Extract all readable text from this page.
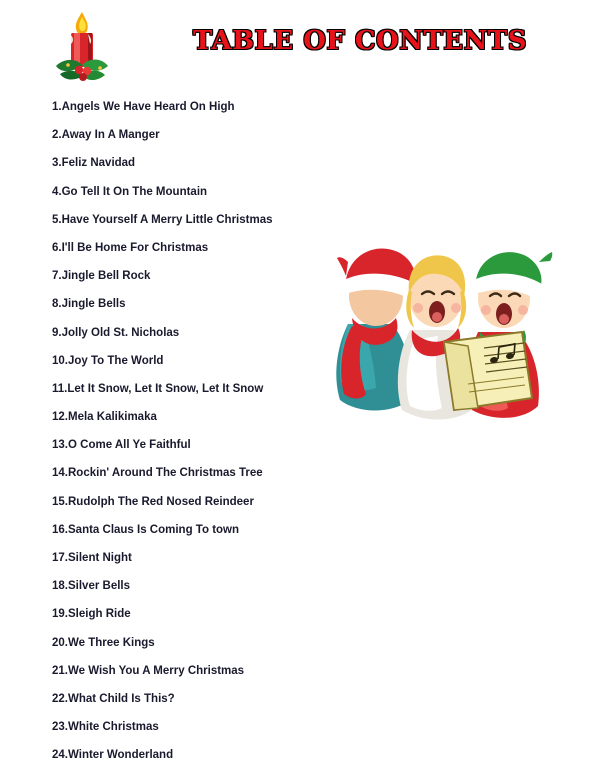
TABLE OF CONTENTS
1.Angels We Have Heard On High
2.Away In A Manger
3.Feliz Navidad
4.Go Tell It On The Mountain
5.Have Yourself A Merry Little Christmas
6.I'll Be Home For Christmas
7.Jingle Bell Rock
8.Jingle Bells
9.Jolly Old St. Nicholas
10.Joy To The World
11.Let It Snow, Let It Snow, Let It Snow
12.Mela Kalikimaka
13.O Come All Ye Faithful
14.Rockin' Around The Christmas Tree
15.Rudolph The Red Nosed Reindeer
16.Santa Claus Is Coming To town
17.Silent Night
18.Silver Bells
19.Sleigh Ride
20.We Three Kings
21.We Wish You A Merry Christmas
22.What Child Is This?
23.White Christmas
24.Winter Wonderland
